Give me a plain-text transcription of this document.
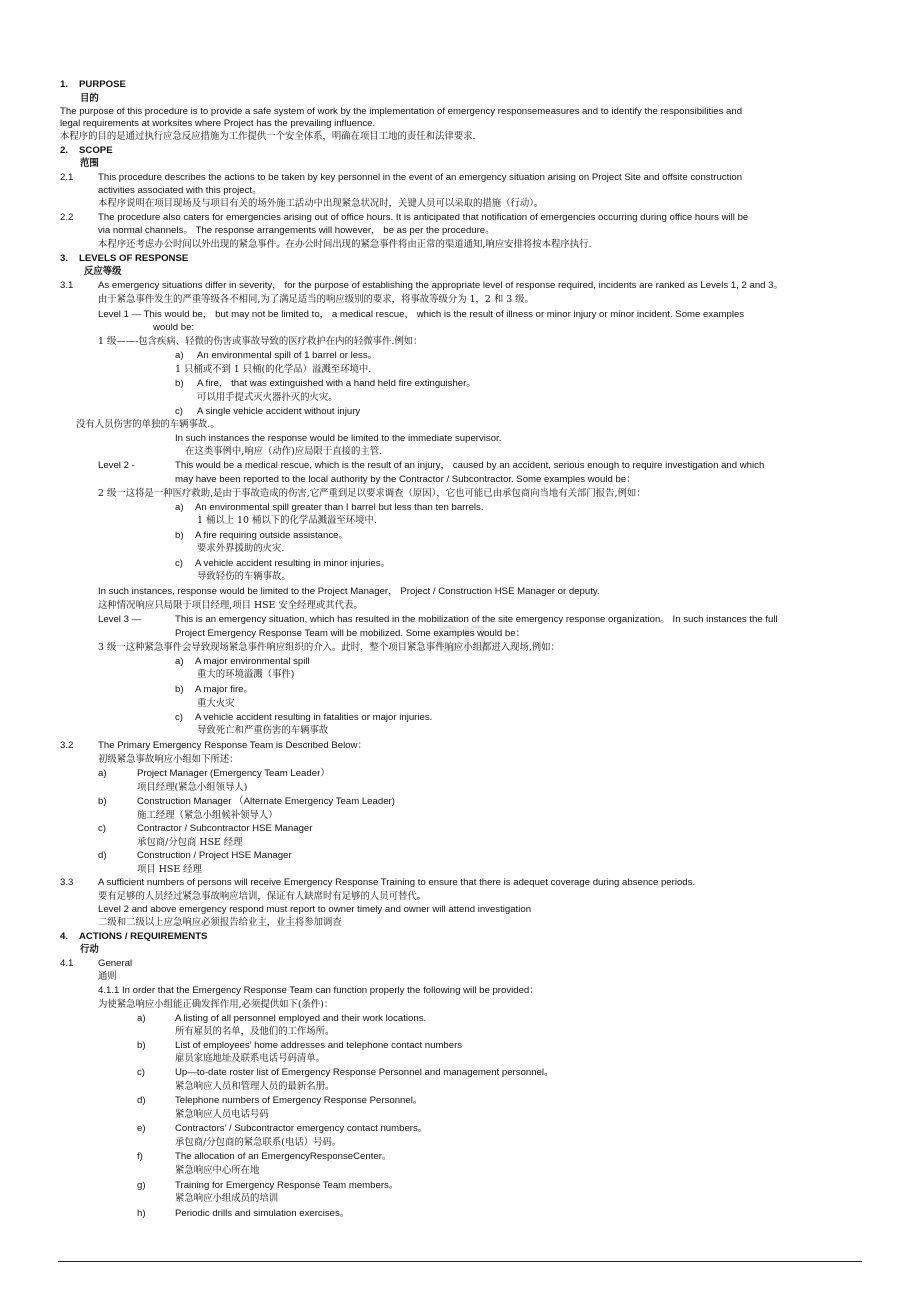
cn
1. PURPOSE
目的
The purpose of this procedure is to provide a safe system of work by the implementation of emergency responsemeasures and to identify the responsibilities and
legal requirements at worksites where Project has the prevailing influence.
本程序的目的是通过执行应急反应措施为工作提供一个安全体系，明确在项目工地的责任和法律要求.
2. SCOPE
范围
2.1	This procedure describes the actions to be taken by key personnel in the event of an emergency situation arising on Project Site and offsite construction
activities associated with this project。
本程序说明在项目现场及与项目有关的场外施工活动中出现紧急状况时，关键人员可以采取的措施（行动）。
2.2	The procedure also caters for emergencies arising out of office hours. It is anticipated that notification of emergencies occurring during office hours will be
via normal channels。 The response arrangements will however， be as per the procedure。
本程序还考虑办公时间以外出现的紧急事件。在办公时间出现的紧急事件将由正常的渠道通知,响应安排将按本程序执行.
3. LEVELS OF RESPONSE
反应等级
3.1	As emergency situations differ in severity， for the purpose of establishing the appropriate level of response required, incidents are ranked as Levels 1, 2 and 3。
由于紧急事件发生的严重等级各不相同,为了满足适当的响应级别的要求，将事故等级分为 1，2 和 3 级。
Level 1 — This would be， but may not be limited to， a medical rescue， which is the result of illness or minor injury or minor incident. Some examples
would be:
1 级——-包含疾病、轻微的伤害或事故导致的医疗救护在内的轻微事件.例如：
a) An environmental spill of 1 barrel or less。
1 只桶或不到 1 只桶(的化学品）溢溅至环境中.
b) A fire， that was extinguished with a hand held fire extinguisher。
可以用手提式灭火器扑灭的火灾。
c) A single vehicle accident without injury
没有人员伤害的单独的车辆事故.。
In such instances the response would be limited to the immediate supervisor.
在这类事例中,响应（动作)应局限于直接的主管.
Level 2 -	This would be a medical rescue, which is the result of an injury， caused by an accident, serious enough to require investigation and which
may have been reported to the local authority by the Contractor / Subcontractor. Some examples would be：
2 级一这将是一种医疗救助,是由于事故造成的伤害,它严重到足以要求调查（原因），它也可能已由承包商向当地有关部门报告,例如：
a) An environmental spill greater than I barrel but less than ten barrels.
1 桶以上 10 桶以下的化学品溅溢至环境中.
b) A fire requiring outside assistance。
要求外界援助的火灾.
c) A vehicle accident resulting in minor injuries。
导致轻伤的车辆事故。
In such instances, response would be limited to the Project Manager， Project / Construction HSE Manager or deputy.
这种情况响应只局限于项目经理,项目 HSE 安全经理或其代表。
Level 3 —	This is an emergency situation, which has resulted in the mobilization of the site emergency response organization。 In such instances the full
Project Emergency Response Team will be mobilized. Some examples would be：
3 级一这种紧急事件会导致现场紧急事件响应组织的介入。此时，整个项目紧急事件响应小组都进入现场,例如：
a) A major environmental spill
重大的环境溢溅（事件)
b) A major fire。
重大火灾
c) A vehicle accident resulting in fatalities or major injuries.
导致死亡和严重伤害的车辆事故
3.2	The Primary Emergency Response Team is Described Below：
初级紧急事故响应小组如下所述：
a)	Project Manager (Emergency Team Leader）
项目经理(紧急小组领导人)
b)	Construction Manager （Alternate Emergency Team Leader)
施工经理（紧急小组候补领导人）
c)	Contractor / Subcontractor HSE Manager
承包商/分包商 HSE 经理
d)	Construction / Project HSE Manager
项目 HSE 经理
3.3	A sufficient numbers of persons will receive Emergency Response Training to ensure that there is adequet coverage during absence periods.
要有足够的人员经过紧急事故响应培训，保证有人缺席时有足够的人员可替代。
Level 2 and above emergency respond must report to owner timely and owner will attend investigation
二级和二级以上应急响应必须报告给业主，业主将参加调查
4. ACTIONS / REQUIREMENTS
行动
4.1	General
通则
4.1.1 In order that the Emergency Response Team can function properly the following will be provided：
为使紧急响应小组能正确发挥作用,必须提供如下(条件)：
a)	A listing of all personnel employed and their work locations.
所有雇员的名单，及他们的工作场所。
b)	List of employees’ home addresses and telephone contact numbers
雇员家庭地址及联系电话号码清单。
c)	Up—to-date roster list of Emergency Response Personnel and management personnel。
紧急响应人员和管理人员的最新名册。
d)	Telephone numbers of Emergency Response Personnel。
紧急响应人员电话号码
e)	Contractors’ / Subcontractor emergency contact numbers。
承包商/分包商的紧急联系(电话）号码。
f)	The allocation of an EmergencyResponseCenter。
紧急响应中心所在地
g)	Training for Emergency Response Team members。
紧急响应小组成员的培训
h)	Periodic drills and simulation exercises。
